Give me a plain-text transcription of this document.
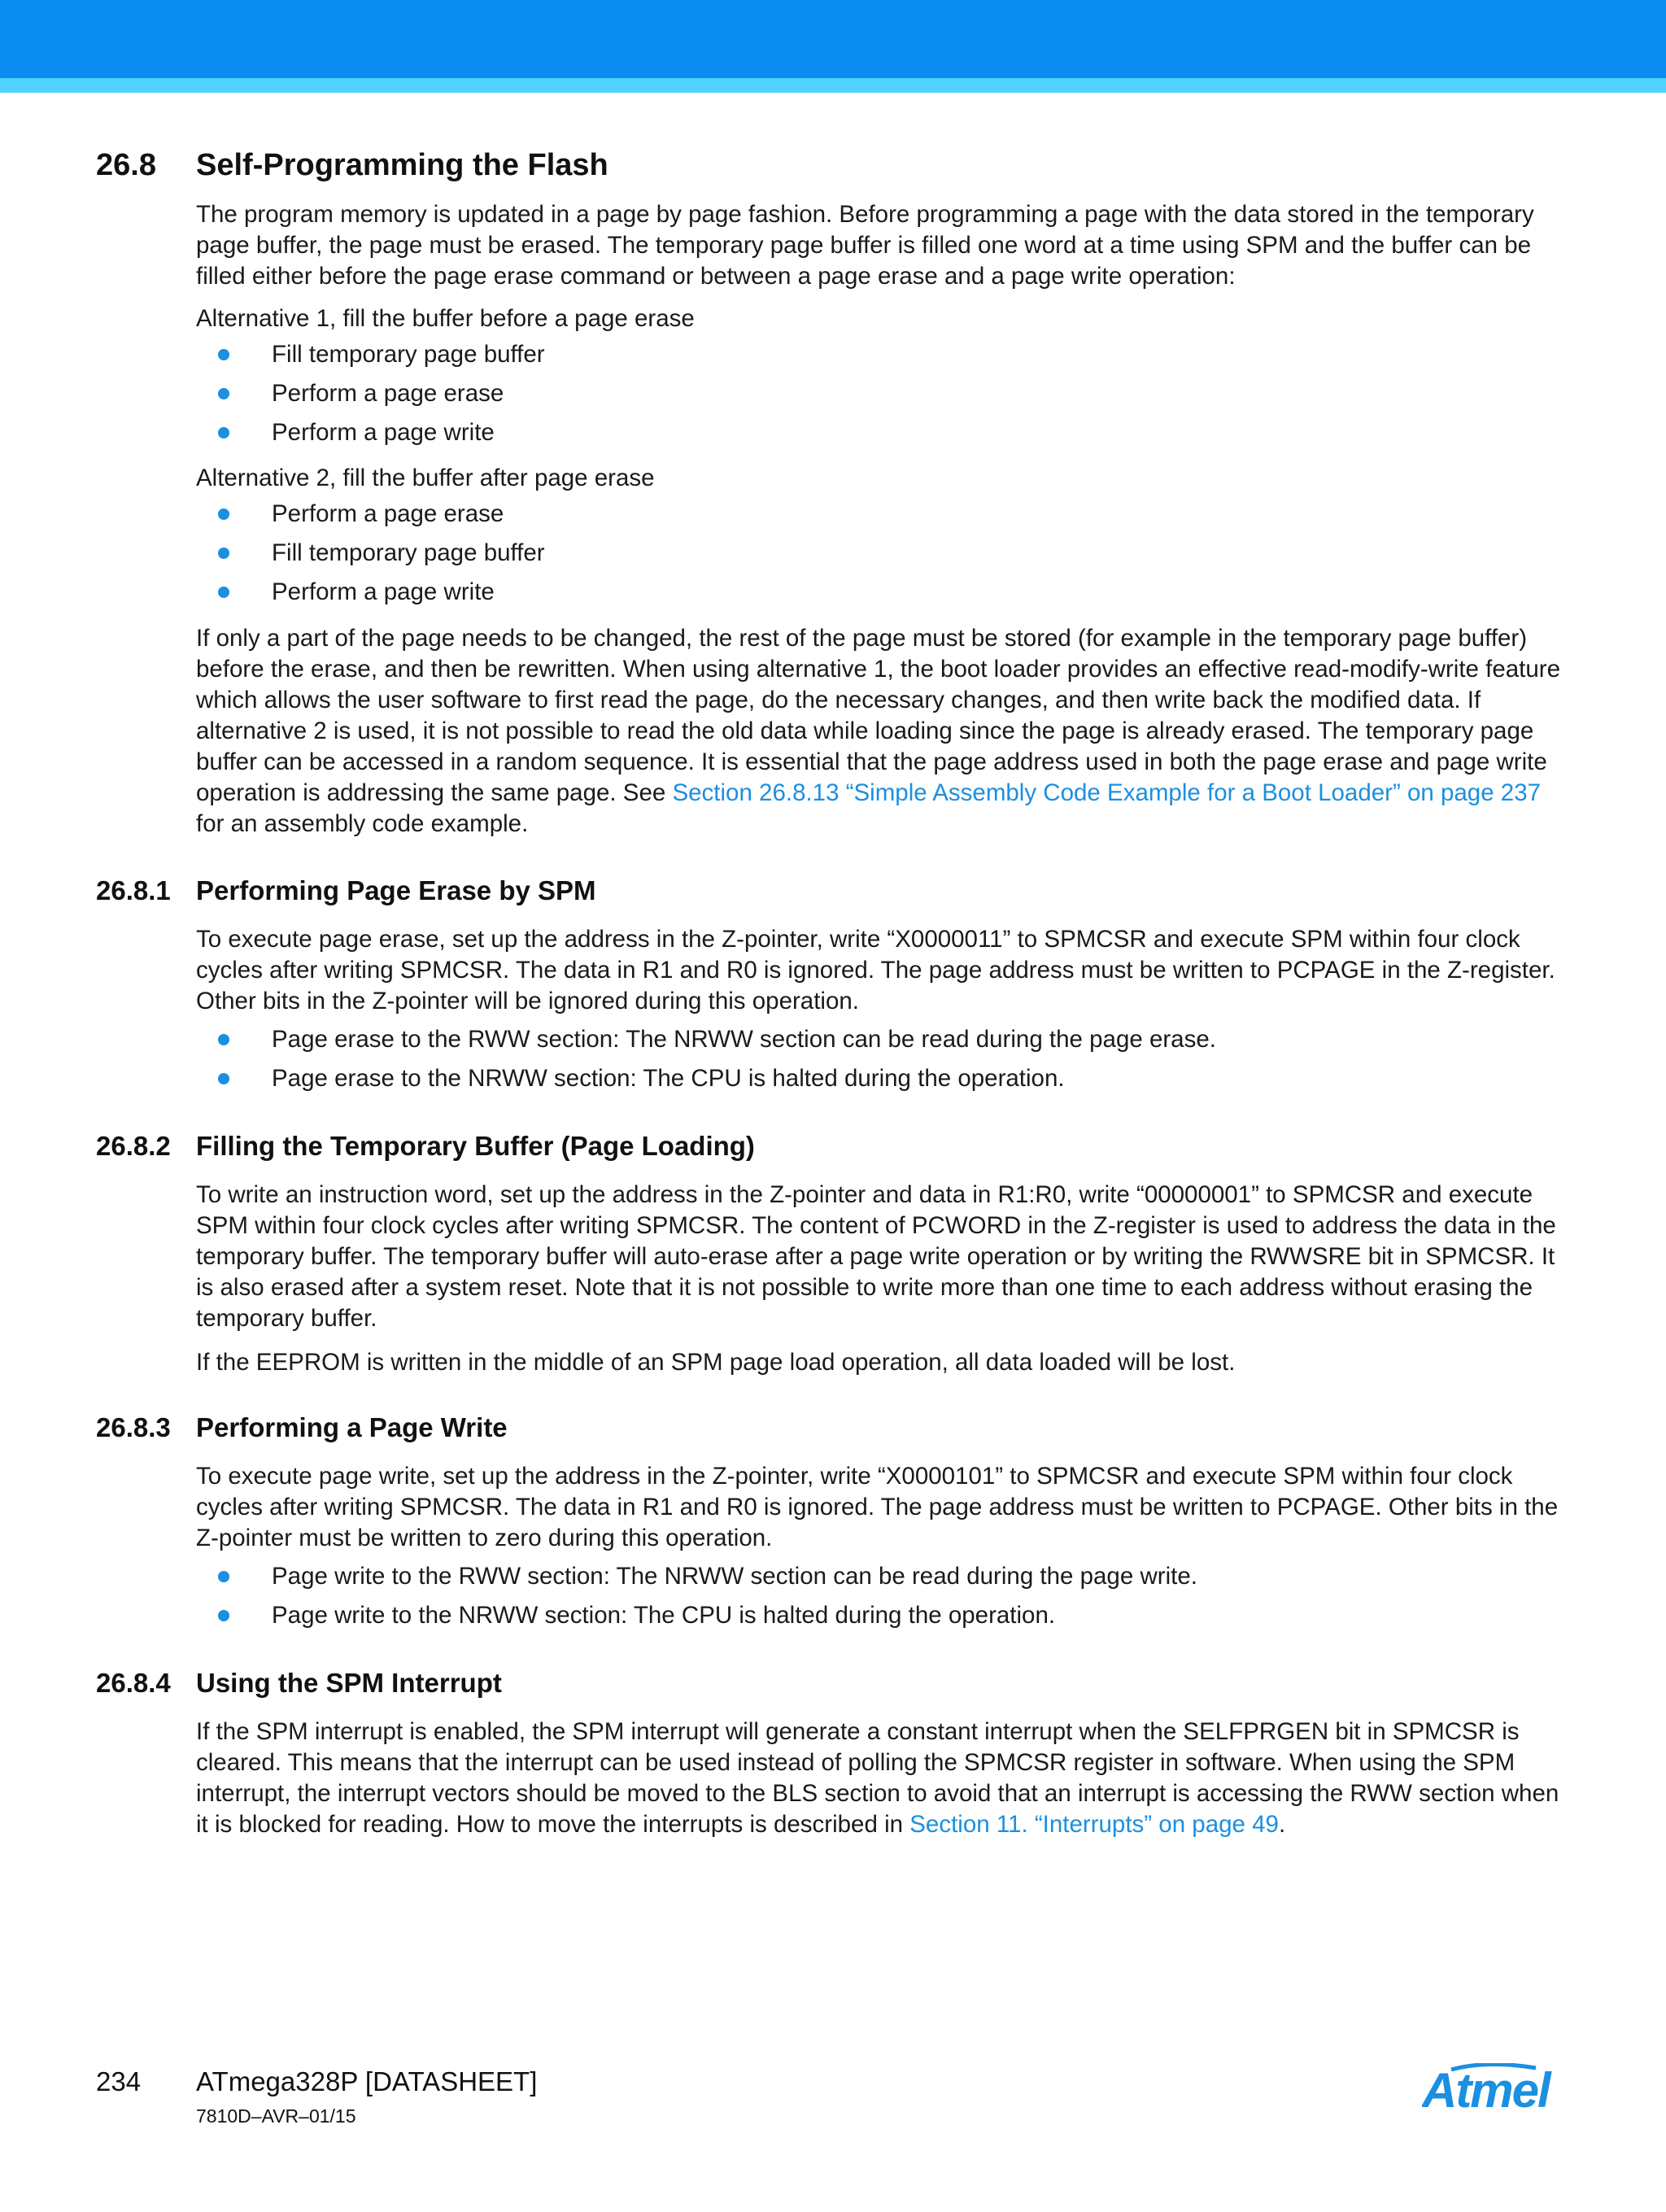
26.8 Self-Programming the Flash
The program memory is updated in a page by page fashion. Before programming a page with the data stored in the temporary page buffer, the page must be erased. The temporary page buffer is filled one word at a time using SPM and the buffer can be filled either before the page erase command or between a page erase and a page write operation:
Alternative 1, fill the buffer before a page erase
Fill temporary page buffer
Perform a page erase
Perform a page write
Alternative 2, fill the buffer after page erase
Perform a page erase
Fill temporary page buffer
Perform a page write
If only a part of the page needs to be changed, the rest of the page must be stored (for example in the temporary page buffer) before the erase, and then be rewritten. When using alternative 1, the boot loader provides an effective read-modify-write feature which allows the user software to first read the page, do the necessary changes, and then write back the modified data. If alternative 2 is used, it is not possible to read the old data while loading since the page is already erased. The temporary page buffer can be accessed in a random sequence. It is essential that the page address used in both the page erase and page write operation is addressing the same page. See Section 26.8.13 “Simple Assembly Code Example for a Boot Loader” on page 237 for an assembly code example.
26.8.1 Performing Page Erase by SPM
To execute page erase, set up the address in the Z-pointer, write “X0000011” to SPMCSR and execute SPM within four clock cycles after writing SPMCSR. The data in R1 and R0 is ignored. The page address must be written to PCPAGE in the Z-register. Other bits in the Z-pointer will be ignored during this operation.
Page erase to the RWW section: The NRWW section can be read during the page erase.
Page erase to the NRWW section: The CPU is halted during the operation.
26.8.2 Filling the Temporary Buffer (Page Loading)
To write an instruction word, set up the address in the Z-pointer and data in R1:R0, write “00000001” to SPMCSR and execute SPM within four clock cycles after writing SPMCSR. The content of PCWORD in the Z-register is used to address the data in the temporary buffer. The temporary buffer will auto-erase after a page write operation or by writing the RWWSRE bit in SPMCSR. It is also erased after a system reset. Note that it is not possible to write more than one time to each address without erasing the temporary buffer.
If the EEPROM is written in the middle of an SPM page load operation, all data loaded will be lost.
26.8.3 Performing a Page Write
To execute page write, set up the address in the Z-pointer, write “X0000101” to SPMCSR and execute SPM within four clock cycles after writing SPMCSR. The data in R1 and R0 is ignored. The page address must be written to PCPAGE. Other bits in the Z-pointer must be written to zero during this operation.
Page write to the RWW section: The NRWW section can be read during the page write.
Page write to the NRWW section: The CPU is halted during the operation.
26.8.4 Using the SPM Interrupt
If the SPM interrupt is enabled, the SPM interrupt will generate a constant interrupt when the SELFPRGEN bit in SPMCSR is cleared. This means that the interrupt can be used instead of polling the SPMCSR register in software. When using the SPM interrupt, the interrupt vectors should be moved to the BLS section to avoid that an interrupt is accessing the RWW section when it is blocked for reading. How to move the interrupts is described in Section 11. “Interrupts” on page 49.
234 ATmega328P [DATASHEET]
7810D–AVR–01/15	Atmel
